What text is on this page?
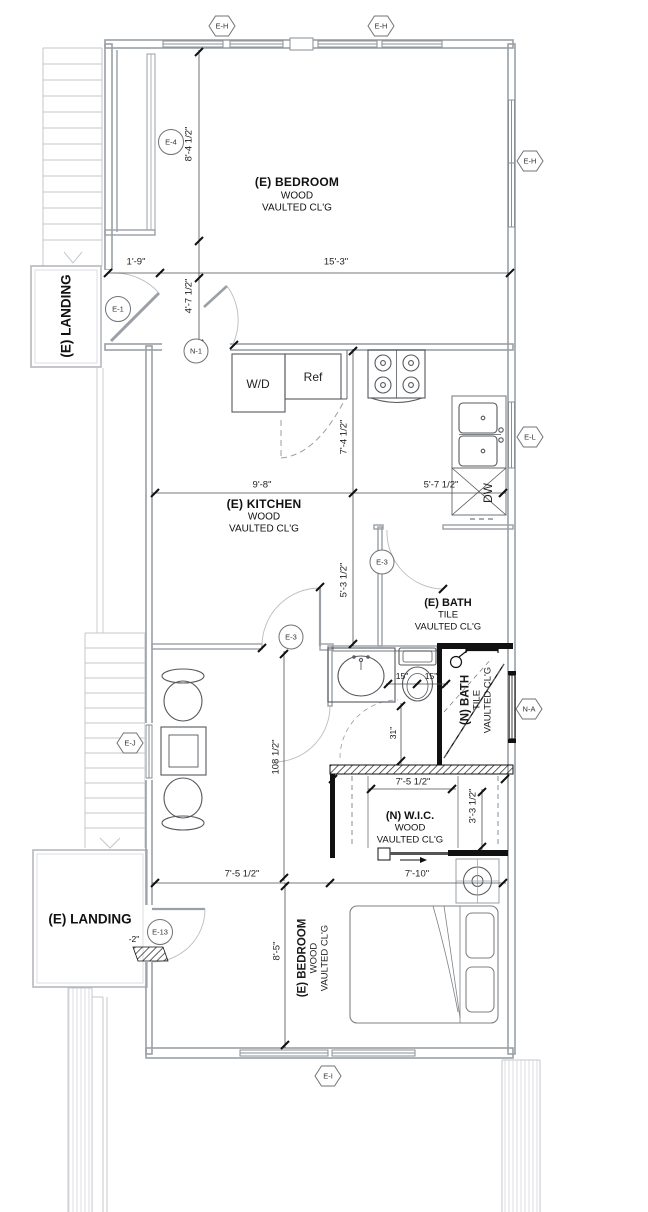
(E) BEDROOM
WOOD
VAULTED CL'G
(E) KITCHEN
WOOD
VAULTED CL'G
(E) BATH
TILE
VAULTED CL'G
(N) BATH TILE VAULTED CL'G
(N) W.I.C.
WOOD
VAULTED CL'G
(E) BEDROOM WOOD VAULTED CL'G
(E) LANDING
(E) LANDING
W/D	Ref
DW
1'-9"	15'-3"
8'-4 1/2"
4'-7 1/2"
9'-8"	5'-7 1/2"
7'-4 1/2"
5'-3 1/2"
15" 15"
31"
108 1/2"
7'-5 1/2"
3'-3 1/2"
7'-5 1/2"	7'-10"
8'-5"
-2"
E-H	E-H
E-H
E-L
N-A
E-J
E-I
E-4
E-1
N-1
E-3
E-3
E-13
